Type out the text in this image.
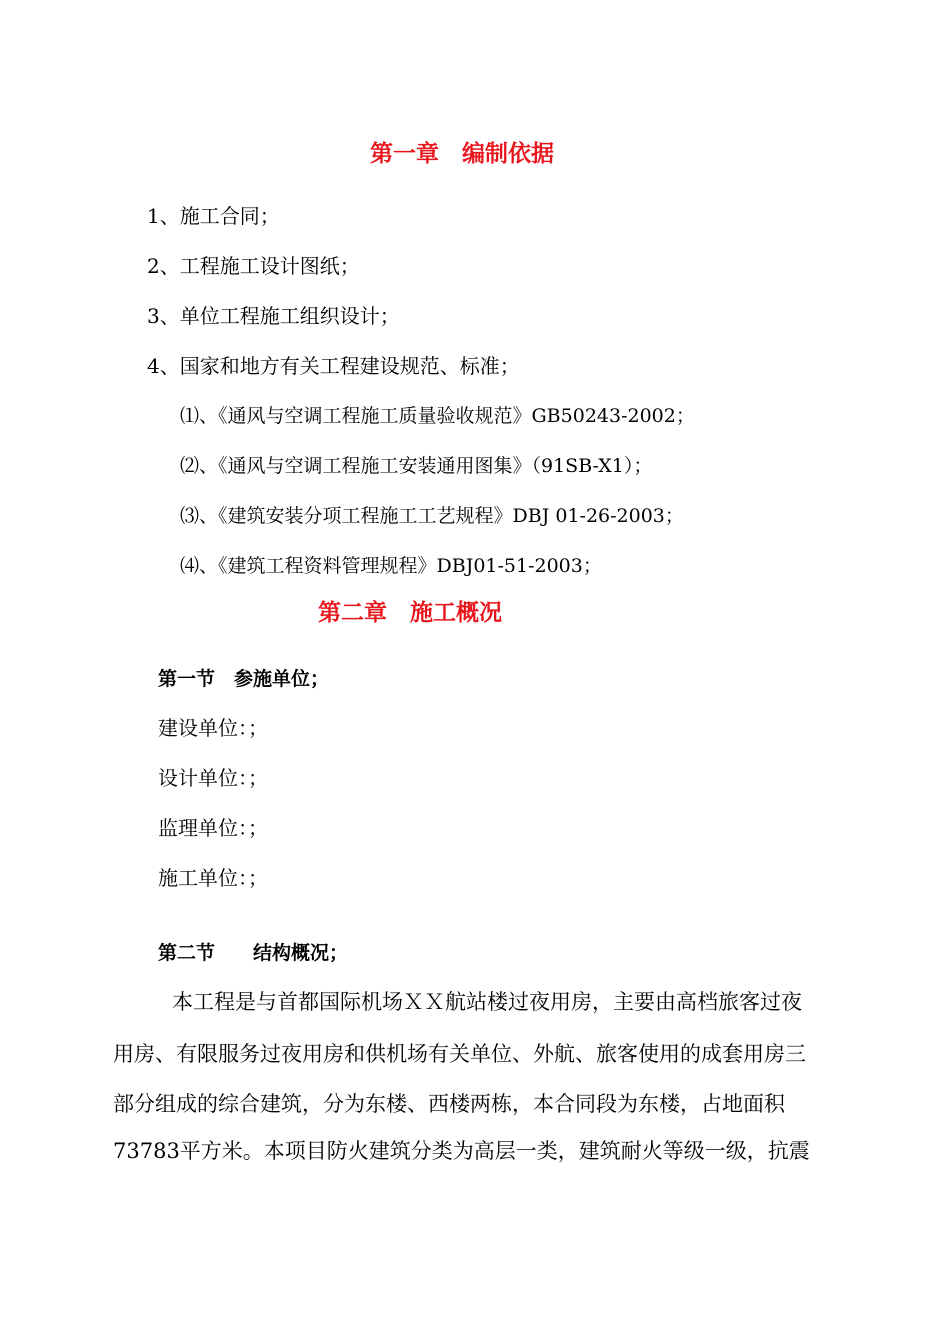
第一章　编制依据
1、施工合同；
2、工程施工设计图纸；
3、单位工程施工组织设计；
4、国家和地方有关工程建设规范、标准；
⑴、《通风与空调工程施工质量验收规范》GB50243-2002；
⑵、《通风与空调工程施工安装通用图集》（91SB-X1）；
⑶、《建筑安装分项工程施工工艺规程》DBJ 01-26-2003；
⑷、《建筑工程资料管理规程》DBJ01-51-2003；
第二章　施工概况
第一节　参施单位；
建设单位：；
设计单位：；
监理单位：；
施工单位：；
第二节　　结构概况；
本工程是与首都国际机场ＸＸ航站楼过夜用房，主要由高档旅客过夜
用房、有限服务过夜用房和供机场有关单位、外航、旅客使用的成套用房三
部分组成的综合建筑，分为东楼、西楼两栋，本合同段为东楼，占地面积
73783平方米。本项目防火建筑分类为高层一类，建筑耐火等级一级，抗震
